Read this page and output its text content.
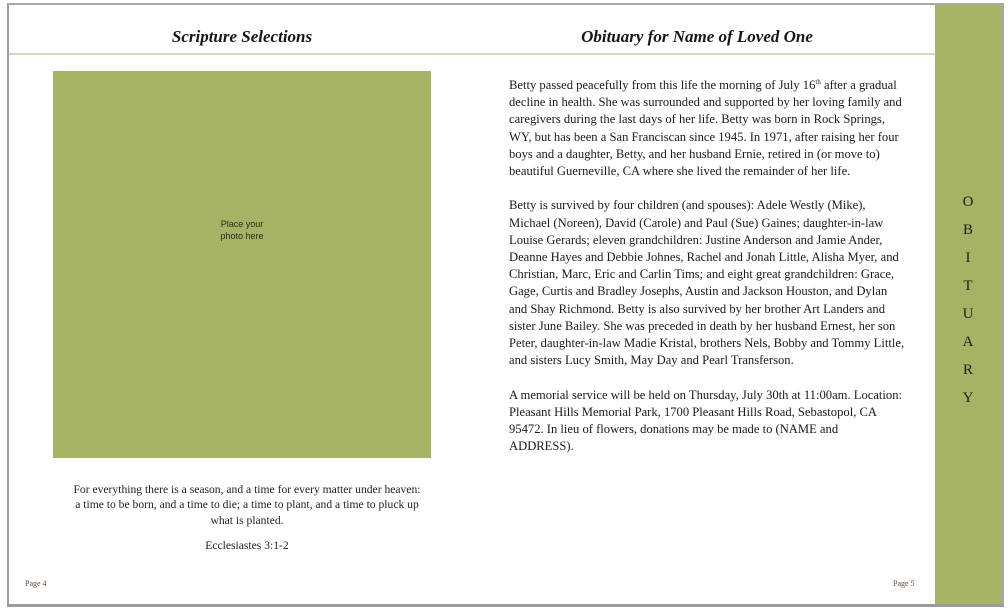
Scripture Selections	Obituary for Name of Loved One
Place your
photo here
For everything there is a season, and a time for every matter under heaven: a time to be born, and a time to die; a time to plant, and a time to pluck up what is planted.
Ecclesiastes 3:1-2

Betty passed peacefully from this life the morning of July 16th after a gradual decline in health. She was surrounded and supported by her loving family and caregivers during the last days of her life. Betty was born in Rock Springs, WY, but has been a San Franciscan since 1945. In 1971, after raising her four boys and a daughter, Betty, and her husband Ernie, retired in (or move to) beautiful Guerneville, CA where she lived the remainder of her life.

Betty is survived by four children (and spouses): Adele Westly (Mike), Michael (Noreen), David (Carole) and Paul (Sue) Gaines; daughter-in-law Louise Gerards; eleven grandchildren: Justine Anderson and Jamie Ander, Deanne Hayes and Debbie Johnes, Rachel and Jonah Little, Alisha Myer, and Christian, Marc, Eric and Carlin Tims; and eight great grandchildren: Grace, Gage, Curtis and Bradley Josephs, Austin and Jackson Houston, and Dylan and Shay Richmond. Betty is also survived by her brother Art Landers and sister June Bailey. She was preceded in death by her husband Ernest, her son Peter, daughter-in-law Madie Kristal, brothers Nels, Bobby and Tommy Little, and sisters Lucy Smith, May Day and Pearl Transferson.

A memorial service will be held on Thursday, July 30th at 11:00am. Location: Pleasant Hills Memorial Park, 1700 Pleasant Hills Road, Sebastopol, CA 95472. In lieu of flowers, donations may be made to (NAME and ADDRESS).

Page 4	Page 5
O
B
I
T
U
A
R
Y
